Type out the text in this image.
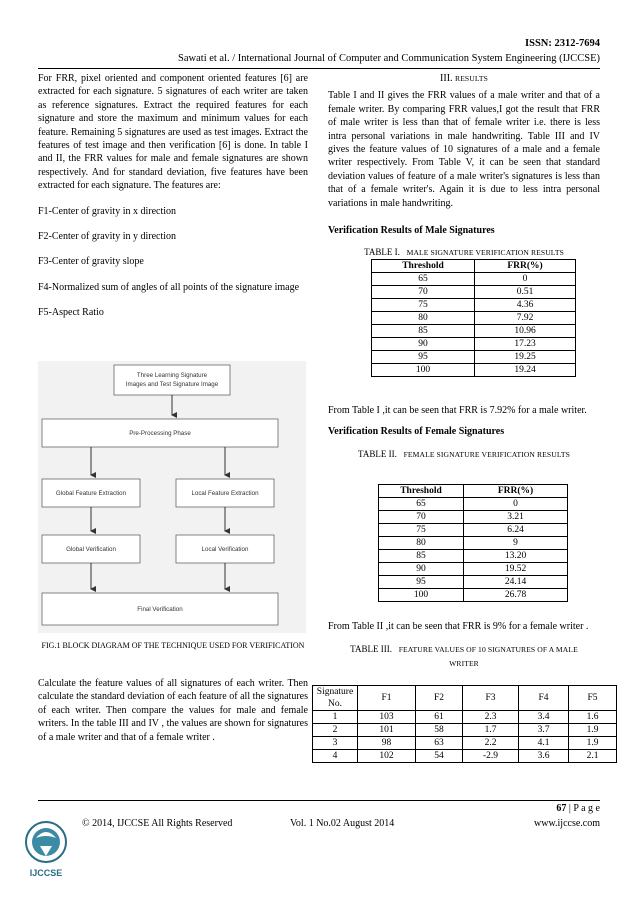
ISSN: 2312-7694
Sawati et al. / International Journal of Computer and Communication System Engineering (IJCCSE)

For FRR, pixel oriented and component oriented features [6] are extracted for each signature. 5 signatures of each writer are taken as reference signatures. Extract the required features for each signature and store the maximum and minimum values for each feature. Remaining 5 signatures are used as test images. Extract the features of test image and then verification [6] is done. In table I and II, the FRR values for male and female signatures are shown respectively. And for standard deviation, five features have been extracted for each signature. The features are:

F1-Center of gravity in x direction

F2-Center of gravity in y direction

F3-Center of gravity slope

F4-Normalized sum of angles of all points of the signature image

F5-Aspect Ratio

Three Learning Signature
Images and Test Signature Image
Pre-Processing Phase
Global Feature Extraction	Local Feature Extraction
Global Verification	Local Verification
Final Verification
FIG.1 BLOCK DIAGRAM OF THE TECHNIQUE USED FOR VERIFICATION

Calculate the feature values of all signatures of each writer. Then calculate the standard deviation of each feature of all the signatures of each writer. Then compare the values for male and female writers. In the table III and IV , the values are shown for signatures of a male writer and that of a female writer .

III. RESULTS

Table I and II gives the FRR values of a male writer and that of a female writer. By comparing FRR values,I got the result that FRR of male writer is less than that of female writer i.e. there is less intra personal variations in male handwriting. Table III and IV gives the feature values of 10 signatures of a male and a female writer respectively. From Table V, it can be seen that standard deviation values of feature of a male writer's signatures is less than that of a female writer's. Again it is due to less intra personal variations in male handwriting.

Verification Results of Male Signatures

TABLE I. MALE SIGNATURE VERIFICATION RESULTS

Threshold	FRR(%)
65	0
70	0.51
75	4.36
80	7.92
85	10.96
90	17.23
95	19.25
100	19.24

From Table I ,it can be seen that FRR is 7.92% for a male writer.

Verification Results of Female Signatures

TABLE II. FEMALE SIGNATURE VERIFICATION RESULTS

Threshold	FRR(%)
65	0
70	3.21
75	6.24
80	9
85	13.20
90	19.52
95	24.14
100	26.78

From Table II ,it can be seen that FRR is 9% for a female writer .

TABLE III. FEATURE VALUES OF 10 SIGNATURES OF A MALE
WRITER

Signature No.	F1	F2	F3	F4	F5
1	103	61	2.3	3.4	1.6
2	101	58	1.7	3.7	1.9
3	98	63	2.2	4.1	1.9
4	102	54	-2.9	3.6	2.1
67 | P a g e
IJCCSE
© 2014, IJCCSE All Rights Reserved	Vol. 1 No.02 August 2014	www.ijccse.com
